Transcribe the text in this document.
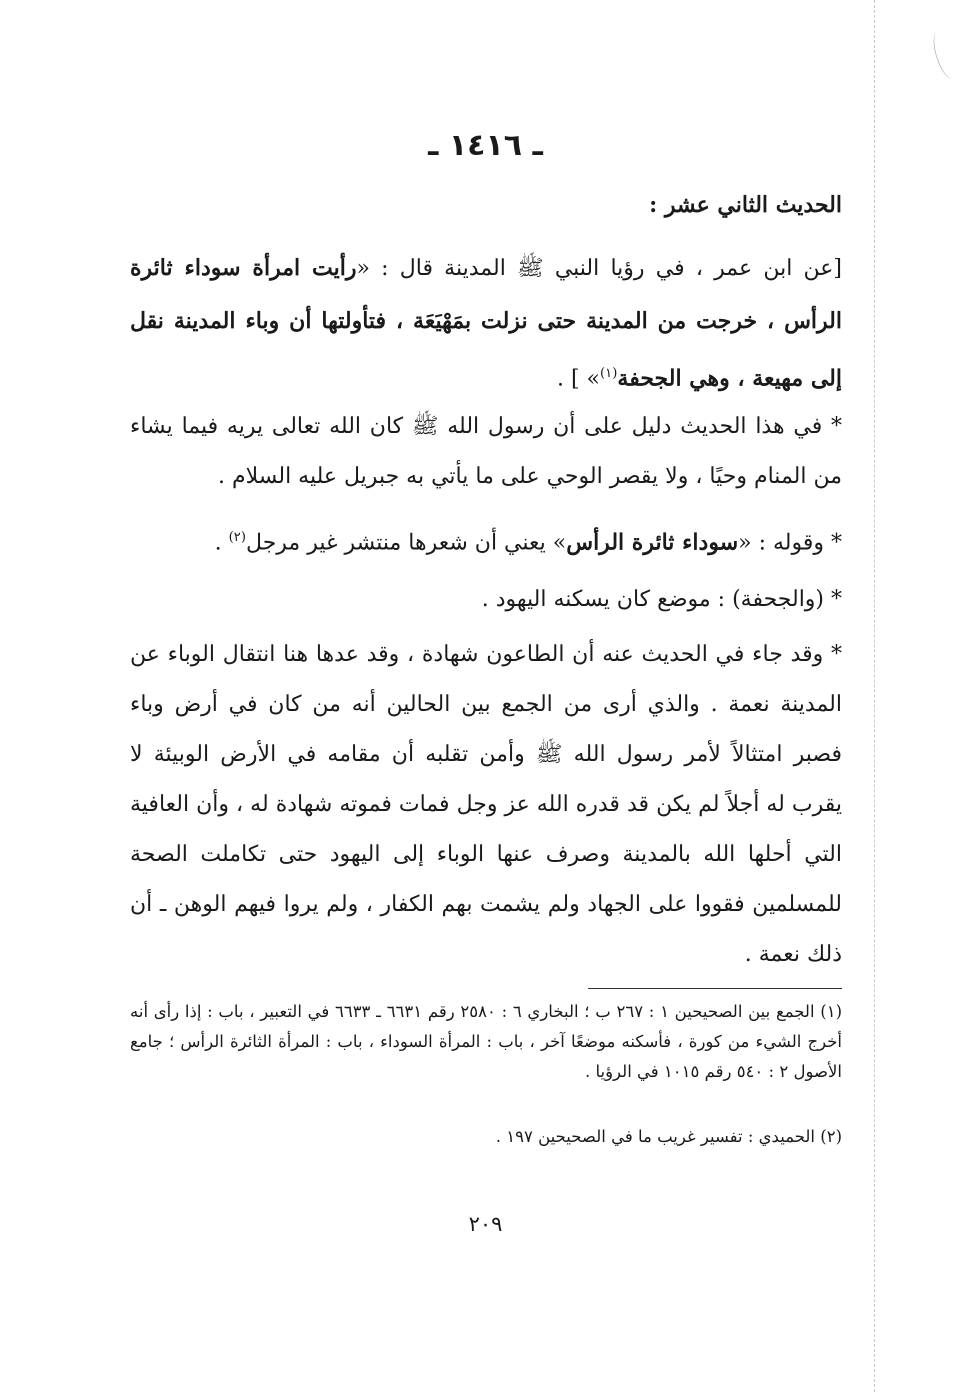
ـ ١٤١٦ ـ
الحديث الثاني عشر :
[عن ابن عمر ، في رؤيا النبي ﷺ المدينة قال : «رأيت امرأة سوداء ثائرة الرأس ، خرجت من المدينة حتى نزلت بمَهْيَعَة ، فتأولتها أن وباء المدينة نقل إلى مهيعة ، وهي الجحفة$^{(١)}$» ] .
* في هذا الحديث دليل على أن رسول الله ﷺ كان الله تعالى يريه فيما يشاء من المنام وحيًا ، ولا يقصر الوحي على ما يأتي به جبريل عليه السلام .
* وقوله : «سوداء ثائرة الرأس» يعني أن شعرها منتشر غير مرجل$^{(٢)}$ .
* (والجحفة) : موضع كان يسكنه اليهود .
* وقد جاء في الحديث عنه أن الطاعون شهادة ، وقد عدها هنا انتقال الوباء عن المدينة نعمة . والذي أرى من الجمع بين الحالين أنه من كان في أرض وباء فصبر امتثالاً لأمر رسول الله ﷺ وأمن تقلبه أن مقامه في الأرض الوبيئة لا يقرب له أجلاً لم يكن قد قدره الله عز وجل فمات فموته شهادة له ، وأن العافية التي أحلها الله بالمدينة وصرف عنها الوباء إلى اليهود حتى تكاملت الصحة للمسلمين فقووا على الجهاد ولم يشمت بهم الكفار ، ولم يروا فيهم الوهن ـ أن ذلك نعمة .
(١) الجمع بين الصحيحين ١ : ٢٦٧ ب ؛ البخاري ٦ : ٢٥٨٠ رقم ٦٦٣١ ـ ٦٦٣٣ في التعبير ، باب : إذا رأى أنه أخرج الشيء من كورة ، فأسكنه موضعًا آخر ، باب : المرأة السوداء ، باب : المرأة الثائرة الرأس ؛ جامع الأصول ٢ : ٥٤٠ رقم ١٠١٥ في الرؤيا .
(٢) الحميدي : تفسير غريب ما في الصحيحين ١٩٧ .
٢٠٩
